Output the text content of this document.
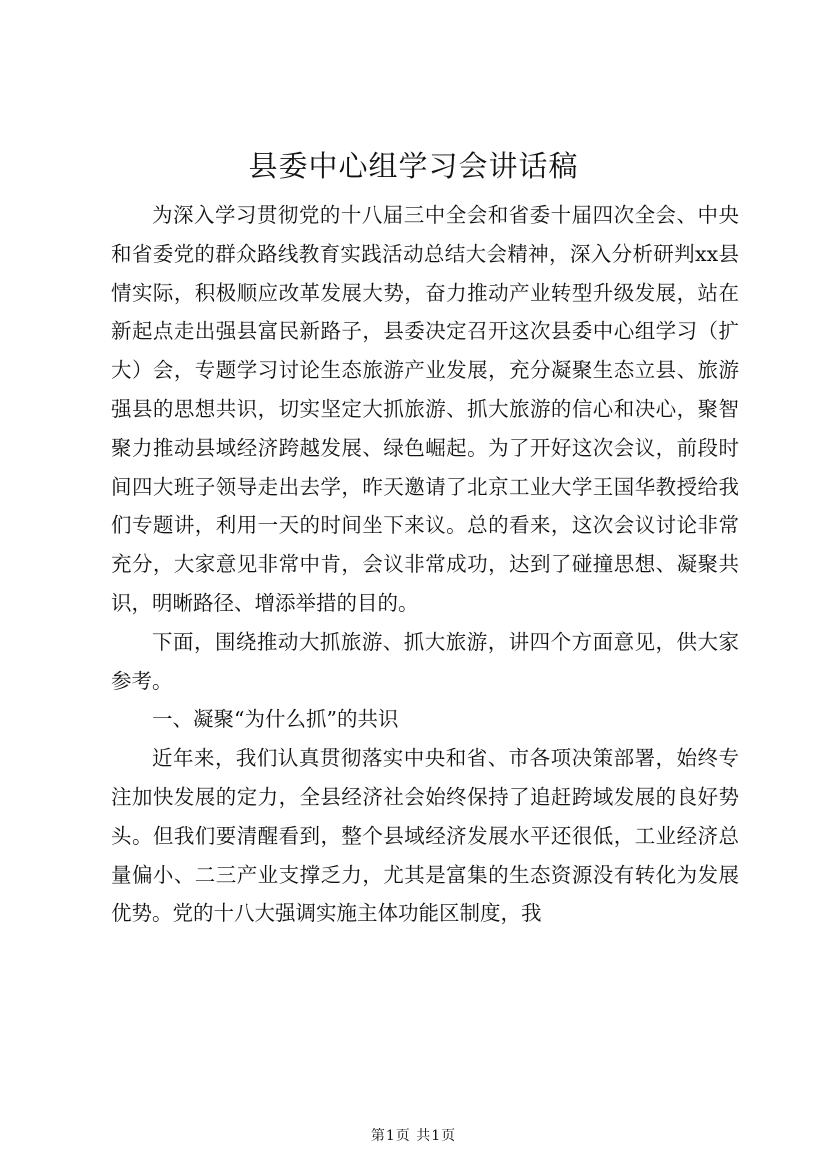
县委中心组学习会讲话稿

为深入学习贯彻党的十八届三中全会和省委十届四次全会、中央和省委党的群众路线教育实践活动总结大会精神，深入分析研判xx县情实际，积极顺应改革发展大势，奋力推动产业转型升级发展，站在新起点走出强县富民新路子，县委决定召开这次县委中心组学习（扩大）会，专题学习讨论生态旅游产业发展，充分凝聚生态立县、旅游强县的思想共识，切实坚定大抓旅游、抓大旅游的信心和决心，聚智聚力推动县域经济跨越发展、绿色崛起。为了开好这次会议，前段时间四大班子领导走出去学，昨天邀请了北京工业大学王国华教授给我们专题讲，利用一天的时间坐下来议。总的看来，这次会议讨论非常充分，大家意见非常中肯，会议非常成功，达到了碰撞思想、凝聚共识，明晰路径、增添举措的目的。

下面，围绕推动大抓旅游、抓大旅游，讲四个方面意见，供大家参考。

一、凝聚“为什么抓”的共识

近年来，我们认真贯彻落实中央和省、市各项决策部署，始终专注加快发展的定力，全县经济社会始终保持了追赶跨域发展的良好势头。但我们要清醒看到，整个县域经济发展水平还很低，工业经济总量偏小、二三产业支撑乏力，尤其是富集的生态资源没有转化为发展优势。党的十八大强调实施主体功能区制度，我

第1页 共1页
